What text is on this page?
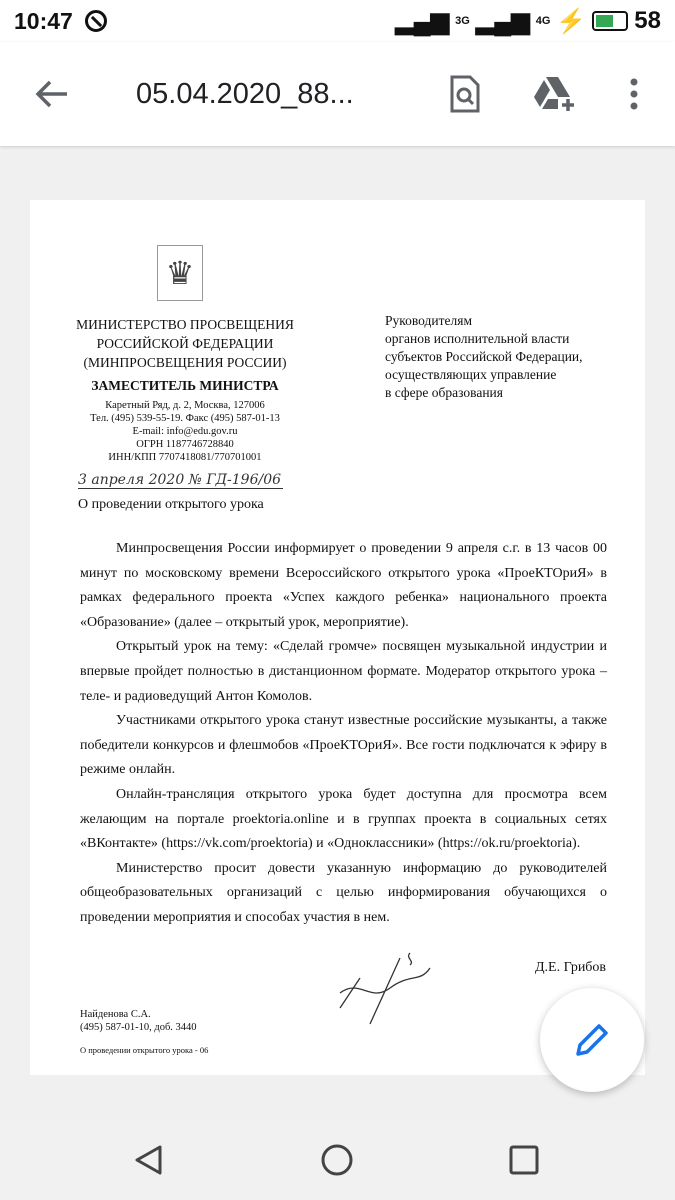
10:47	▂▄▆ 3G ▂▄▆ 4G ⚡ 58
05.04.2020_88...
♛
МИНИСТЕРСТВО ПРОСВЕЩЕНИЯ
РОССИЙСКОЙ ФЕДЕРАЦИИ
(МИНПРОСВЕЩЕНИЯ РОССИИ)
ЗАМЕСТИТЕЛЬ МИНИСТРА
Каретный Ряд, д. 2, Москва, 127006
Тел. (495) 539-55-19. Факс (495) 587-01-13
E-mail: info@edu.gov.ru
ОГРН 1187746728840
ИНН/КПП 7707418081/770701001
Руководителям
органов исполнительной власти
субъектов Российской Федерации,
осуществляющих управление
в сфере образования
3 апреля 2020 № ГД-196/06
О проведении открытого урока

Минпросвещения России информирует о проведении 9 апреля с.г. в 13 часов 00 минут по московскому времени Всероссийского открытого урока «ПроеКТОриЯ» в рамках федерального проекта «Успех каждого ребенка» национального проекта «Образование» (далее – открытый урок, мероприятие).

Открытый урок на тему: «Сделай громче» посвящен музыкальной индустрии и впервые пройдет полностью в дистанционном формате. Модератор открытого урока – теле- и радиоведущий Антон Комолов.

Участниками открытого урока станут известные российские музыканты, а также победители конкурсов и флешмобов «ПроеКТОриЯ». Все гости подключатся к эфиру в режиме онлайн.

Онлайн-трансляция открытого урока будет доступна для просмотра всем желающим на портале proektoria.online и в группах проекта в социальных сетях «ВКонтакте» (https://vk.com/proektoria) и «Одноклассники» (https://ok.ru/proektoria).

Министерство просит довести указанную информацию до руководителей общеобразовательных организаций с целью информирования обучающихся о проведении мероприятия и способах участия в нем.

Д.Е. Грибов
Найденова С.А.
(495) 587-01-10, доб. 3440
О проведении открытого урока - 06
